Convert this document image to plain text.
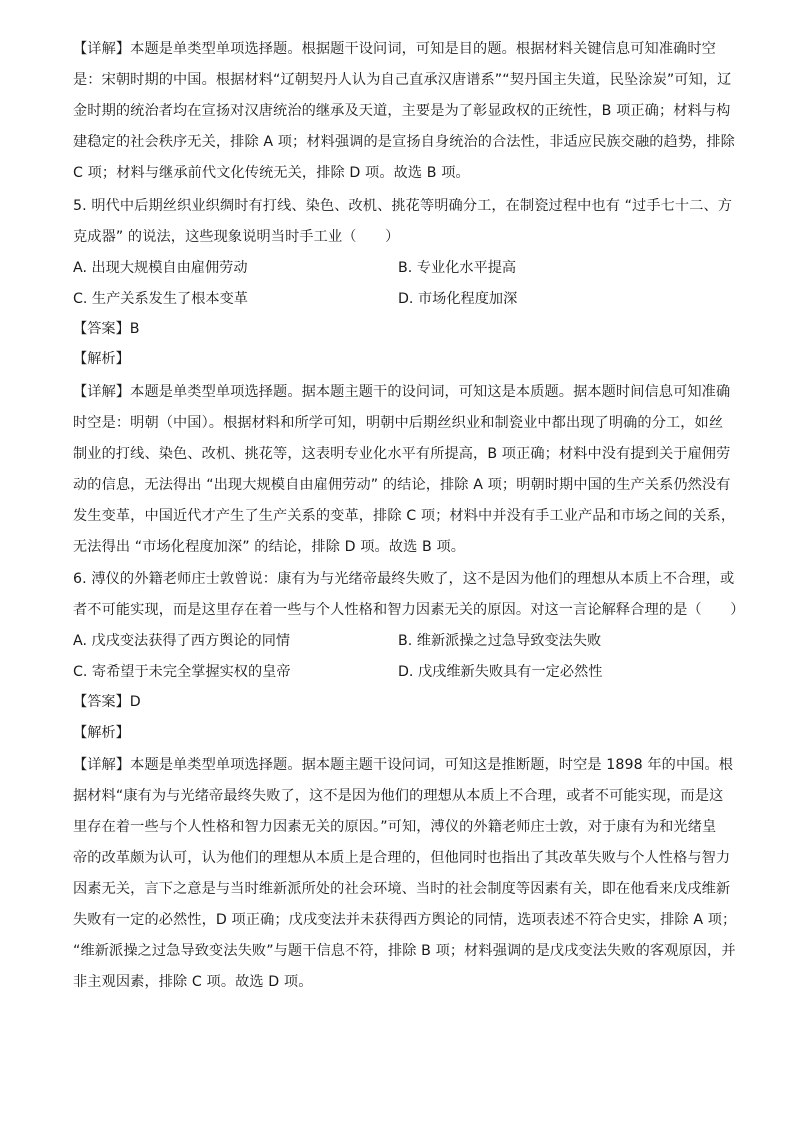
【详解】本题是单类型单项选择题。根据题干设问词，可知是目的题。根据材料关键信息可知准确时空
是：宋朝时期的中国。根据材料“辽朝契丹人认为自己直承汉唐谱系”“契丹国主失道，民坠涂炭”可知，辽
金时期的统治者均在宣扬对汉唐统治的继承及天道，主要是为了彰显政权的正统性，B 项正确；材料与构
建稳定的社会秩序无关，排除 A 项；材料强调的是宣扬自身统治的合法性，非适应民族交融的趋势，排除
C 项；材料与继承前代文化传统无关，排除 D 项。故选 B 项。
5. 明代中后期丝织业织绸时有打线、染色、改机、挑花等明确分工，在制瓷过程中也有 “过手七十二、方
克成器” 的说法，这些现象说明当时手工业（　　）
A. 出现大规模自由雇佣劳动	B. 专业化水平提高
C. 生产关系发生了根本变革	D. 市场化程度加深
【答案】B
【解析】
【详解】本题是单类型单项选择题。据本题主题干的设问词，可知这是本质题。据本题时间信息可知准确
时空是：明朝（中国）。根据材料和所学可知，明朝中后期丝织业和制瓷业中都出现了明确的分工，如丝
制业的打线、染色、改机、挑花等，这表明专业化水平有所提高，B 项正确；材料中没有提到关于雇佣劳
动的信息，无法得出 “出现大规模自由雇佣劳动” 的结论，排除 A 项；明朝时期中国的生产关系仍然没有
发生变革，中国近代才产生了生产关系的变革，排除 C 项；材料中并没有手工业产品和市场之间的关系，
无法得出 “市场化程度加深” 的结论，排除 D 项。故选 B 项。
6. 溥仪的外籍老师庄士敦曾说：康有为与光绪帝最终失败了，这不是因为他们的理想从本质上不合理，或
者不可能实现，而是这里存在着一些与个人性格和智力因素无关的原因。对这一言论解释合理的是（　　）
A. 戊戌变法获得了西方舆论的同情	B. 维新派操之过急导致变法失败
C. 寄希望于未完全掌握实权的皇帝	D. 戊戌维新失败具有一定必然性
【答案】D
【解析】
【详解】本题是单类型单项选择题。据本题主题干设问词，可知这是推断题，时空是 1898 年的中国。根
据材料“康有为与光绪帝最终失败了，这不是因为他们的理想从本质上不合理，或者不可能实现，而是这
里存在着一些与个人性格和智力因素无关的原因。”可知，溥仪的外籍老师庄士敦，对于康有为和光绪皇
帝的改革颇为认可，认为他们的理想从本质上是合理的，但他同时也指出了其改革失败与个人性格与智力
因素无关，言下之意是与当时维新派所处的社会环境、当时的社会制度等因素有关，即在他看来戊戌维新
失败有一定的必然性，D 项正确；戊戌变法并未获得西方舆论的同情，选项表述不符合史实，排除 A 项；
“维新派操之过急导致变法失败”与题干信息不符，排除 B 项；材料强调的是戊戌变法失败的客观原因，并
非主观因素，排除 C 项。故选 D 项。
